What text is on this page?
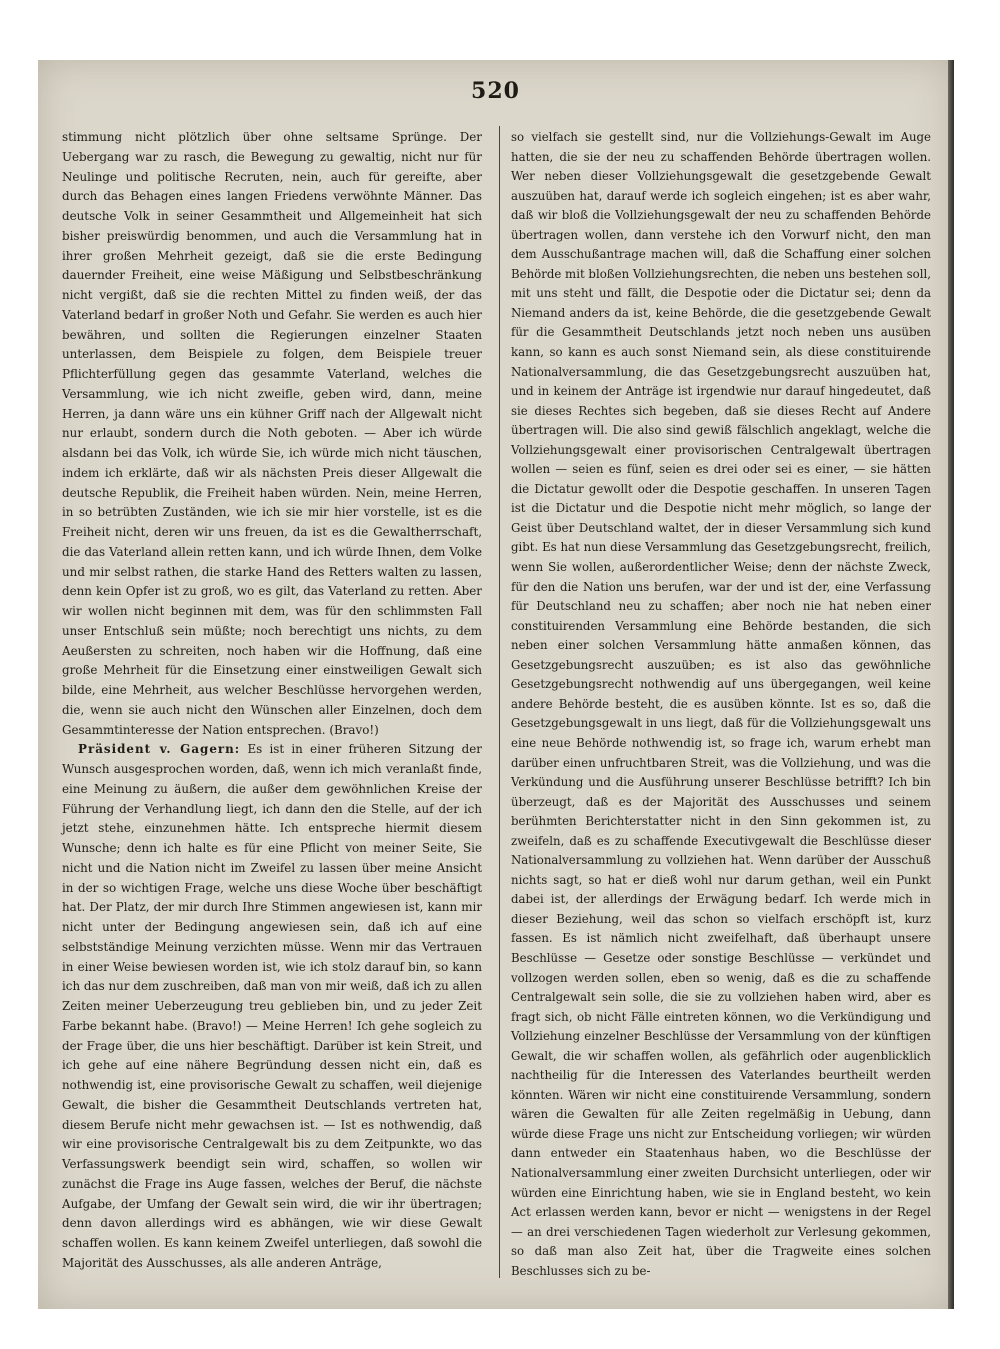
520

stimmung nicht plötzlich über ohne seltsame Sprünge. Der Uebergang war zu rasch, die Bewegung zu gewaltig, nicht nur für Neulinge und politische Recruten, nein, auch für gereifte, aber durch das Behagen eines langen Friedens verwöhnte Männer. Das deutsche Volk in seiner Gesammtheit und Allgemeinheit hat sich bisher preiswürdig benommen, und auch die Versammlung hat in ihrer großen Mehrheit gezeigt, daß sie die erste Bedingung dauernder Freiheit, eine weise Mäßigung und Selbstbeschränkung nicht vergißt, daß sie die rechten Mittel zu finden weiß, der das Vaterland bedarf in großer Noth und Gefahr. Sie werden es auch hier bewähren, und sollten die Regierungen einzelner Staaten unterlassen, dem Beispiele zu folgen, dem Beispiele treuer Pflichterfüllung gegen das gesammte Vaterland, welches die Versammlung, wie ich nicht zweifle, geben wird, dann, meine Herren, ja dann wäre uns ein kühner Griff nach der Allgewalt nicht nur erlaubt, sondern durch die Noth geboten. — Aber ich würde alsdann bei das Volk, ich würde Sie, ich würde mich nicht täuschen, indem ich erklärte, daß wir als nächsten Preis dieser Allgewalt die deutsche Republik, die Freiheit haben würden. Nein, meine Herren, in so betrübten Zuständen, wie ich sie mir hier vorstelle, ist es die Freiheit nicht, deren wir uns freuen, da ist es die Gewaltherrschaft, die das Vaterland allein retten kann, und ich würde Ihnen, dem Volke und mir selbst rathen, die starke Hand des Retters walten zu lassen, denn kein Opfer ist zu groß, wo es gilt, das Vaterland zu retten. Aber wir wollen nicht beginnen mit dem, was für den schlimmsten Fall unser Entschluß sein müßte; noch berechtigt uns nichts, zu dem Aeußersten zu schreiten, noch haben wir die Hoffnung, daß eine große Mehrheit für die Einsetzung einer einstweiligen Gewalt sich bilde, eine Mehrheit, aus welcher Beschlüsse hervorgehen werden, die, wenn sie auch nicht den Wünschen aller Einzelnen, doch dem Gesammtinteresse der Nation entsprechen. (Bravo!)

Präsident v. Gagern: Es ist in einer früheren Sitzung der Wunsch ausgesprochen worden, daß, wenn ich mich veranlaßt finde, eine Meinung zu äußern, die außer dem gewöhnlichen Kreise der Führung der Verhandlung liegt, ich dann den die Stelle, auf der ich jetzt stehe, einzunehmen hätte. Ich entspreche hiermit diesem Wunsche; denn ich halte es für eine Pflicht von meiner Seite, Sie nicht und die Nation nicht im Zweifel zu lassen über meine Ansicht in der so wichtigen Frage, welche uns diese Woche über beschäftigt hat. Der Platz, der mir durch Ihre Stimmen angewiesen ist, kann mir nicht unter der Bedingung angewiesen sein, daß ich auf eine selbstständige Meinung verzichten müsse. Wenn mir das Vertrauen in einer Weise bewiesen worden ist, wie ich stolz darauf bin, so kann ich das nur dem zuschreiben, daß man von mir weiß, daß ich zu allen Zeiten meiner Ueberzeugung treu geblieben bin, und zu jeder Zeit Farbe bekannt habe. (Bravo!) — Meine Herren! Ich gehe sogleich zu der Frage über, die uns hier beschäftigt. Darüber ist kein Streit, und ich gehe auf eine nähere Begründung dessen nicht ein, daß es nothwendig ist, eine provisorische Gewalt zu schaffen, weil diejenige Gewalt, die bisher die Gesammtheit Deutschlands vertreten hat, diesem Berufe nicht mehr gewachsen ist. — Ist es nothwendig, daß wir eine provisorische Centralgewalt bis zu dem Zeitpunkte, wo das Verfassungswerk beendigt sein wird, schaffen, so wollen wir zunächst die Frage ins Auge fassen, welches der Beruf, die nächste Aufgabe, der Umfang der Gewalt sein wird, die wir ihr übertragen; denn davon allerdings wird es abhängen, wie wir diese Gewalt schaffen wollen. Es kann keinem Zweifel unterliegen, daß sowohl die Majorität des Ausschusses, als alle anderen Anträge,

so vielfach sie gestellt sind, nur die Vollziehungs-Gewalt im Auge hatten, die sie der neu zu schaffenden Behörde übertragen wollen. Wer neben dieser Vollziehungsgewalt die gesetzgebende Gewalt auszuüben hat, darauf werde ich sogleich eingehen; ist es aber wahr, daß wir bloß die Vollziehungsgewalt der neu zu schaffenden Behörde übertragen wollen, dann verstehe ich den Vorwurf nicht, den man dem Ausschußantrage machen will, daß die Schaffung einer solchen Behörde mit bloßen Vollziehungsrechten, die neben uns bestehen soll, mit uns steht und fällt, die Despotie oder die Dictatur sei; denn da Niemand anders da ist, keine Behörde, die die gesetzgebende Gewalt für die Gesammtheit Deutschlands jetzt noch neben uns ausüben kann, so kann es auch sonst Niemand sein, als diese constituirende Nationalversammlung, die das Gesetzgebungsrecht auszuüben hat, und in keinem der Anträge ist irgendwie nur darauf hingedeutet, daß sie dieses Rechtes sich begeben, daß sie dieses Recht auf Andere übertragen will. Die also sind gewiß fälschlich angeklagt, welche die Vollziehungsgewalt einer provisorischen Centralgewalt übertragen wollen — seien es fünf, seien es drei oder sei es einer, — sie hätten die Dictatur gewollt oder die Despotie geschaffen. In unseren Tagen ist die Dictatur und die Despotie nicht mehr möglich, so lange der Geist über Deutschland waltet, der in dieser Versammlung sich kund gibt. Es hat nun diese Versammlung das Gesetzgebungsrecht, freilich, wenn Sie wollen, außerordentlicher Weise; denn der nächste Zweck, für den die Nation uns berufen, war der und ist der, eine Verfassung für Deutschland neu zu schaffen; aber noch nie hat neben einer constituirenden Versammlung eine Behörde bestanden, die sich neben einer solchen Versammlung hätte anmaßen können, das Gesetzgebungsrecht auszuüben; es ist also das gewöhnliche Gesetzgebungsrecht nothwendig auf uns übergegangen, weil keine andere Behörde besteht, die es ausüben könnte. Ist es so, daß die Gesetzgebungsgewalt in uns liegt, daß für die Vollziehungsgewalt uns eine neue Behörde nothwendig ist, so frage ich, warum erhebt man darüber einen unfruchtbaren Streit, was die Vollziehung, und was die Verkündung und die Ausführung unserer Beschlüsse betrifft? Ich bin überzeugt, daß es der Majorität des Ausschusses und seinem berühmten Berichterstatter nicht in den Sinn gekommen ist, zu zweifeln, daß es zu schaffende Executivgewalt die Beschlüsse dieser Nationalversammlung zu vollziehen hat. Wenn darüber der Ausschuß nichts sagt, so hat er dieß wohl nur darum gethan, weil ein Punkt dabei ist, der allerdings der Erwägung bedarf. Ich werde mich in dieser Beziehung, weil das schon so vielfach erschöpft ist, kurz fassen. Es ist nämlich nicht zweifelhaft, daß überhaupt unsere Beschlüsse — Gesetze oder sonstige Beschlüsse — verkündet und vollzogen werden sollen, eben so wenig, daß es die zu schaffende Centralgewalt sein solle, die sie zu vollziehen haben wird, aber es fragt sich, ob nicht Fälle eintreten können, wo die Verkündigung und Vollziehung einzelner Beschlüsse der Versammlung von der künftigen Gewalt, die wir schaffen wollen, als gefährlich oder augenblicklich nachtheilig für die Interessen des Vaterlandes beurtheilt werden könnten. Wären wir nicht eine constituirende Versammlung, sondern wären die Gewalten für alle Zeiten regelmäßig in Uebung, dann würde diese Frage uns nicht zur Entscheidung vorliegen; wir würden dann entweder ein Staatenhaus haben, wo die Beschlüsse der Nationalversammlung einer zweiten Durchsicht unterliegen, oder wir würden eine Einrichtung haben, wie sie in England besteht, wo kein Act erlassen werden kann, bevor er nicht — wenigstens in der Regel — an drei verschiedenen Tagen wiederholt zur Verlesung gekommen, so daß man also Zeit hat, über die Tragweite eines solchen Beschlusses sich zu be-
